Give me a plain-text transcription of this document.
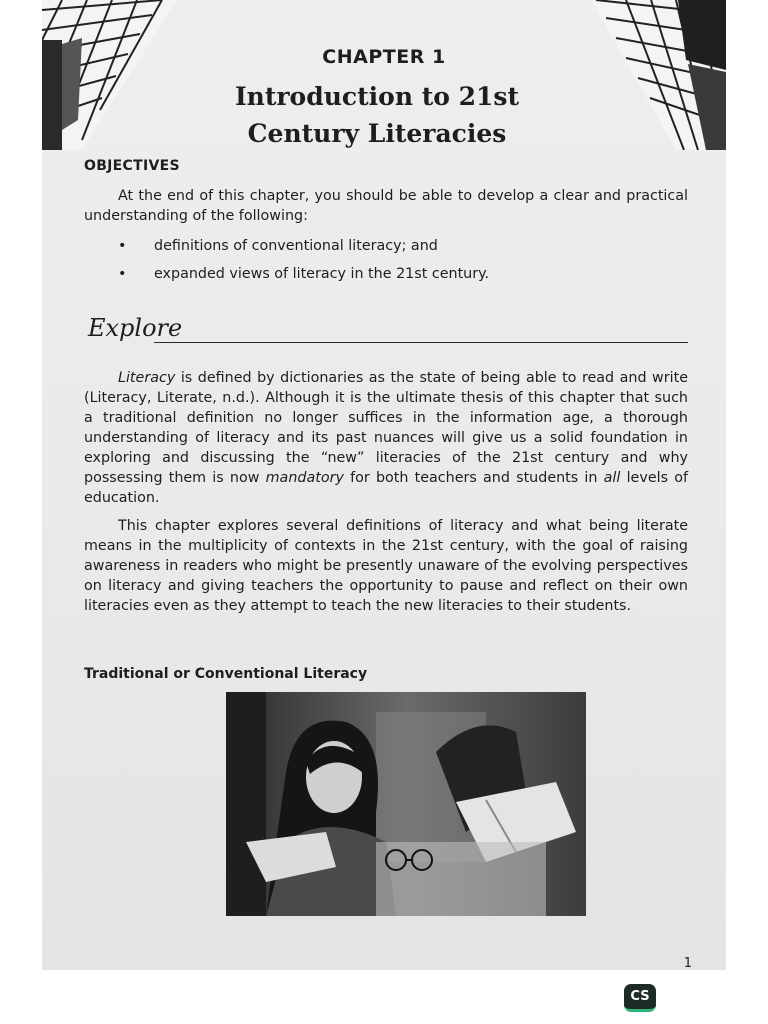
CHAPTER 1
Introduction to 21st Century Literacies
OBJECTIVES
At the end of this chapter, you should be able to develop a clear and practical understanding of the following:
• definitions of conventional literacy; and
• expanded views of literacy in the 21st century.
Explore
Literacy is defined by dictionaries as the state of being able to read and write (Literacy, Literate, n.d.). Although it is the ultimate thesis of this chapter that such a traditional definition no longer suffices in the information age, a thorough understanding of literacy and its past nuances will give us a solid foundation in exploring and discussing the “new” literacies of the 21st century and why possessing them is now mandatory for both teachers and students in all levels of education.
This chapter explores several definitions of literacy and what being literate means in the multiplicity of contexts in the 21st century, with the goal of raising awareness in readers who might be presently unaware of the evolving perspectives on literacy and giving teachers the opportunity to pause and reflect on their own literacies even as they attempt to teach the new literacies to their students.
Traditional or Conventional Literacy
1
CS
